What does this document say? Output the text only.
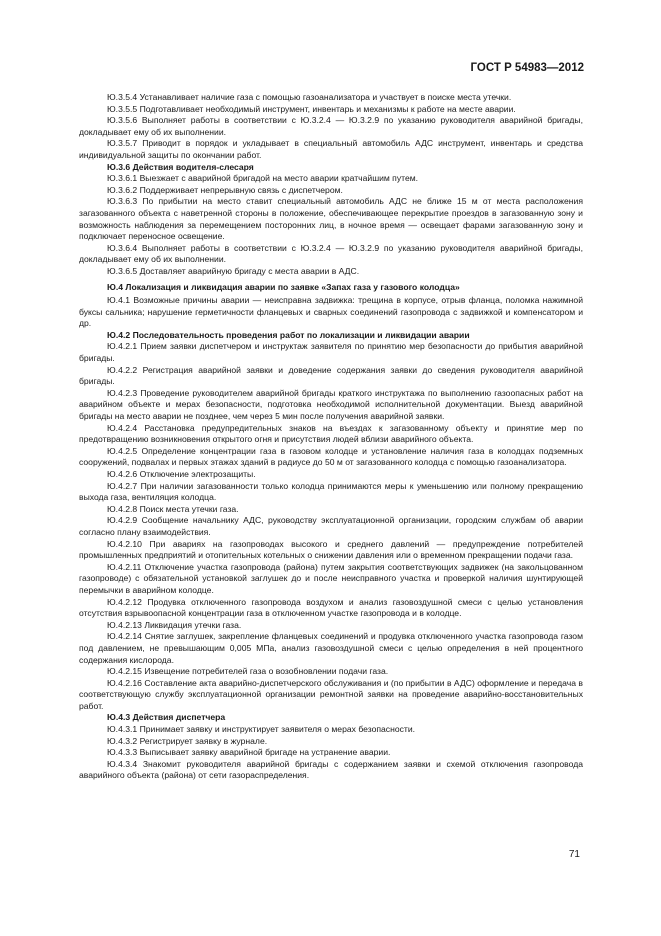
ГОСТ Р 54983—2012

Ю.3.5.4 Устанавливает наличие газа с помощью газоанализатора и участвует в поиске места утечки.

Ю.3.5.5 Подготавливает необходимый инструмент, инвентарь и механизмы к работе на месте аварии.

Ю.3.5.6 Выполняет работы в соответствии с Ю.3.2.4 — Ю.3.2.9 по указанию руководителя аварийной бригады, докладывает ему об их выполнении.

Ю.3.5.7 Приводит в порядок и укладывает в специальный автомобиль АДС инструмент, инвентарь и средства индивидуальной защиты по окончании работ.

Ю.3.6 Действия водителя-слесаря

Ю.3.6.1 Выезжает с аварийной бригадой на место аварии кратчайшим путем.

Ю.3.6.2 Поддерживает непрерывную связь с диспетчером.

Ю.3.6.3 По прибытии на место ставит специальный автомобиль АДС не ближе 15 м от места расположения загазованного объекта с наветренной стороны в положение, обеспечивающее перекрытие проездов в загазованную зону и возможность наблюдения за перемещением посторонних лиц, в ночное время — освещает фарами загазованную зону и подключает переносное освещение.

Ю.3.6.4 Выполняет работы в соответствии с Ю.3.2.4 — Ю.3.2.9 по указанию руководителя аварийной бригады, докладывает ему об их выполнении.

Ю.3.6.5 Доставляет аварийную бригаду с места аварии в АДС.

Ю.4 Локализация и ликвидация аварии по заявке «Запах газа у газового колодца»

Ю.4.1 Возможные причины аварии — неисправна задвижка: трещина в корпусе, отрыв фланца, поломка нажимной буксы сальника; нарушение герметичности фланцевых и сварных соединений газопровода с задвижкой и компенсатором и др.

Ю.4.2 Последовательность проведения работ по локализации и ликвидации аварии

Ю.4.2.1 Прием заявки диспетчером и инструктаж заявителя по принятию мер безопасности до прибытия аварийной бригады.

Ю.4.2.2 Регистрация аварийной заявки и доведение содержания заявки до сведения руководителя аварийной бригады.

Ю.4.2.3 Проведение руководителем аварийной бригады краткого инструктажа по выполнению газоопасных работ на аварийном объекте и мерах безопасности, подготовка необходимой исполнительной документации. Выезд аварийной бригады на место аварии не позднее, чем через 5 мин после получения аварийной заявки.

Ю.4.2.4 Расстановка предупредительных знаков на въездах к загазованному объекту и принятие мер по предотвращению возникновения открытого огня и присутствия людей вблизи аварийного объекта.

Ю.4.2.5 Определение концентрации газа в газовом колодце и установление наличия газа в колодцах подземных сооружений, подвалах и первых этажах зданий в радиусе до 50 м от загазованного колодца с помощью газоанализатора.

Ю.4.2.6 Отключение электрозащиты.

Ю.4.2.7 При наличии загазованности только колодца принимаются меры к уменьшению или полному прекращению выхода газа, вентиляция колодца.

Ю.4.2.8 Поиск места утечки газа.

Ю.4.2.9 Сообщение начальнику АДС, руководству эксплуатационной организации, городским службам об аварии согласно плану взаимодействия.

Ю.4.2.10 При авариях на газопроводах высокого и среднего давлений — предупреждение потребителей промышленных предприятий и отопительных котельных о снижении давления или о временном прекращении подачи газа.

Ю.4.2.11 Отключение участка газопровода (района) путем закрытия соответствующих задвижек (на закольцованном газопроводе) с обязательной установкой заглушек до и после неисправного участка и проверкой наличия шунтирующей перемычки в аварийном колодце.

Ю.4.2.12 Продувка отключенного газопровода воздухом и анализ газовоздушной смеси с целью установления отсутствия взрывоопасной концентрации газа в отключенном участке газопровода и в колодце.

Ю.4.2.13 Ликвидация утечки газа.

Ю.4.2.14 Снятие заглушек, закрепление фланцевых соединений и продувка отключенного участка газопровода газом под давлением, не превышающим 0,005 МПа, анализ газовоздушной смеси с целью определения в ней процентного содержания кислорода.

Ю.4.2.15 Извещение потребителей газа о возобновлении подачи газа.

Ю.4.2.16 Составление акта аварийно-диспетчерского обслуживания и (по прибытии в АДС) оформление и передача в соответствующую службу эксплуатационной организации ремонтной заявки на проведение аварийно-восстановительных работ.

Ю.4.3 Действия диспетчера

Ю.4.3.1 Принимает заявку и инструктирует заявителя о мерах безопасности.

Ю.4.3.2 Регистрирует заявку в журнале.

Ю.4.3.3 Выписывает заявку аварийной бригаде на устранение аварии.

Ю.4.3.4 Знакомит руководителя аварийной бригады с содержанием заявки и схемой отключения газопровода аварийного объекта (района) от сети газораспределения.

71
